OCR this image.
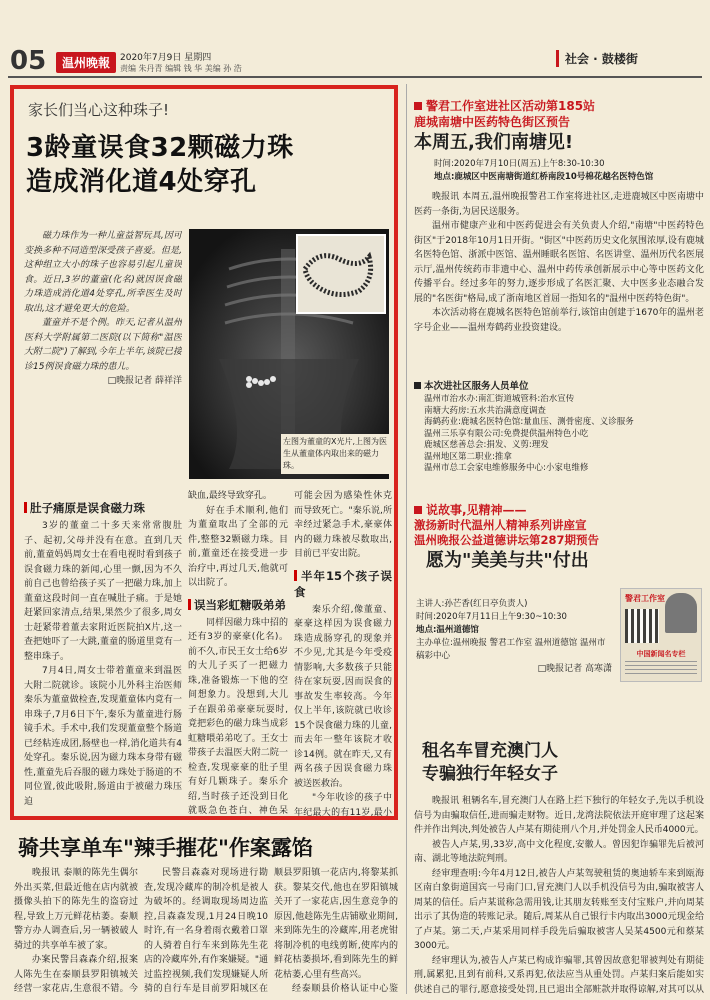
05	温州晚報	2020年7月9日 星期四
责编 朱丹青 编辑 钱 华 美编 孙 浩
社会 · 鼓楼街
家长们当心这种珠子!
3龄童误食32颗磁力珠
造成消化道4处穿孔

磁力珠作为一种儿童益智玩具,因可变换多种不同造型深受孩子喜爱。但是,这种组立大小的珠子也容易引起儿童误食。近日,3岁的董童(化名)就因误食磁力珠造成消化道4处穿孔,所幸医生及时取出,这才避免更大的危险。

董童并不是个例。昨天,记者从温州医科大学附属第二医院(以下简称"温医大附二院")了解到,今年上半年,该院已接诊15例误食磁力珠的患儿。

□晚报记者 薛祥洋
左图为董童的X光片,上图为医生从董童体内取出来的磁力珠。
肚子痛原是误食磁力珠

3岁的董童二十多天来常常腹肚子、起初,父母并没有在意。直到几天前,董童妈妈周女士在看电视时看到孩子误食磁力珠的新闻,心里一颤,因为不久前自己也曾给孩子买了一把磁力珠,加上董童这段时间一直在喊肚子痛。于是她赶紧回家清点,结果,果然少了很多,周女士赶紧带着董去家附近医院拍X片,这一查把她吓了一大跳,董童的肠道里竟有一整串珠子。

7月4日,周女士带着董童来到温医大附二院就诊。该院小儿外科主治医师秦乐为董童做检查,发现董童体内竟有一串珠子,7月6日下午,秦乐为董童进行肠镜手术。手术中,我们发现董童整个肠道已经粘连成团,肠壁也一样,消化道共有4处穿孔。秦乐说,因为磁力珠本身带有磁性,董童先后吞服的磁力珠处于肠道的不同位置,彼此吸附,肠道由于被磁力珠压迫

缺血,最终导致穿孔。

好在手术顺利,他们为董童取出了全部的元件,整整32颗磁力珠。目前,董童还在接受进一步治疗中,再过几天,他就可以出院了。

误当彩虹糖吸弟弟

同样因磁力珠中招的还有3岁的豪豪(化名)。前不久,市民王女士给6岁的大儿子买了一把磁力珠,准备锻炼一下他的空间想象力。没想到,大儿子在跟弟弟豪豪玩耍时,竟把彩色的磁力珠当成彩虹糖喂弟弟吃了。王女士带孩子去温医大附二院一检查,发现豪豪的肚子里有好几颗珠子。秦乐介绍,当时孩子还没到日化就吸急色苍白、神色呆

可能会因为感染性休克而导致死亡。"秦乐说,所幸经过紧急手术,豪豪体内的磁力珠被尽数取出,目前已平安出院。

半年15个孩子误食

秦乐介绍,像董童、豪豪这样因为误食磁力珠造成肠穿孔的现象并不少见,尤其是今年受疫情影响,大多数孩子只能待在家玩耍,因而误食的事故发生率较高。今年仅上半年,该院就已收诊15个误食磁力珠的儿童,而去年一整年该院才收诊14例。就在昨天,又有两名孩子因误食磁力珠被送医救治。

"今年收诊的孩子中年纪最大的有11岁,最小

骑共享单车"辣手摧花"作案露馅

晚报讯 泰顺的陈先生偶尔外出买菜,但最近他在店内就被摄像头拍下的陈先生的盗窃过程,导致上万元鲜花枯萎。泰顺警方办人调查后,另一辆被破人骑过的共享单车被了家。

办案民警吕森森介绍,报案人陈先生在泰顺县罗阳镇城关经营一家花店,生意很不错。今

民警吕森森对现场进行勘查,发现冷藏库的制冷机是被人为破坏的。经调取现场周边监控,吕森森发现,1月24日晚10时许,有一名身着雨衣戴着口罩的人骑着自行车来到陈先生花店的冷藏库外,有作案嫌疑。"通过监控视频,我们发现嫌疑人所骑的自行车是目前罗阳城区在

顺县罗阳镇一花店内,将黎某抓获。黎某交代,他也在罗阳镇城关开了一家花店,因生意竞争的原因,他趁陈先生店铺歇业期间,来到陈先生的冷藏库,用老虎钳将制冷机的电线剪断,使库内的鲜花枯萎损坏,看到陈先生的鲜花枯萎,心里有些高兴。

经泰顺县价格认证中心鉴

警君工作室进社区活动第185站
鹿城南塘中医药特色街区预告
本周五,我们南塘见!
时间:2020年7月10日(周五)上午8:30-10:30
地点:鹿城区中医南塘街道红桥南段10号棉花越名医特色馆

晚报讯 本周五,温州晚报警君工作室将进社区,走进鹿城区中医南塘中医药一条街,为居民送服务。

温州市健康产业和中医药促进会有关负责人介绍,"南塘"中医药特色街区"于2018年10月1日开街。"街区"中医药历史文化氛围浓厚,设有鹿城名医特色馆、浙派中医馆、温州睡眠名医馆、名医讲堂、温州历代名医展示厅,温州传统药市非遗中心、温州中药传承创新展示中心等中医药文化传播平台。经过多年的努力,逐步形成了名医汇聚、大中医多业态融合发展的"名医街"格局,成了浙南地区首屈一指知名的"温州中医药特色街"。

本次活动将在鹿城名医特色馆前举行,该馆由创建于1670年的温州老字号企业——温州寿鹤药业投资建设。

本次进社区服务人员单位
温州市治水办:南汇街道城管科:治水宣传
南塘大药房:五水共治满意度调查
海鹤药业:鹿城名医特色馆:量血压、测骨密度、义诊服务
温州三乐享有限公司:免费提供温州特色小吃
鹿城区慈善总会:捐发、义剪:理发
温州地区第二职业:推拿
温州市总工会家电维修服务中心:小家电维修
说故事,见精神——
激扬新时代温州人精神系列讲座宣
温州晚报公益道德讲坛第287期预告
愿为"美美与共"付出
主讲人:孙芒香(红日亭负责人)
时间:2020年7月11日上午9:30~10:30
地点:温州道德馆
主办单位:温州晚报 警君工作室 温州道德馆 温州市稿彩中心
□晚报记者 高寒潇
警君工作室
中国新闻名专栏
租名车冒充澳门人
专骗独行年轻女子

晚报讯 租辆名车,冒充澳门人在路上拦下独行的年轻女子,先以手机设信号为由骗取信任,进而骗走财物。近日,龙湾法院依法开庭审理了这起案件并作出判决,判处被告人卢某有期徒刑八个月,并处罚金人民币4000元。

被告人卢某,男,33岁,高中文化程度,安徽人。曾因犯诈骗罪先后被河南、湖北等地法院判刑。

经审理查明:今年4月12日,被告人卢某驾驶租赁的奥迪轿车来到瓯海区南白象街道国宾一号南门口,冒充澳门人以手机没信号为由,骗取被害人周某的信任。后卢某谎称急需用钱,让其朋友转账至支付宝账户,并向周某出示了其伪造的转账记录。随后,周某从自己银行卡内取出3000元现金给了卢某。第二天,卢某采用同样手段先后骗取被害人吴某4500元和蔡某3000元。

经审理认为,被告人卢某已构成诈骗罪,其曾因故意犯罪被判处有期徒刑,属累犯,且到有前科,又系再犯,依法应当从重处罚。卢某归案后能如实供述自己的罪行,愿意接受处罚,且已退出全部赃款并取得谅解,对其可以从
